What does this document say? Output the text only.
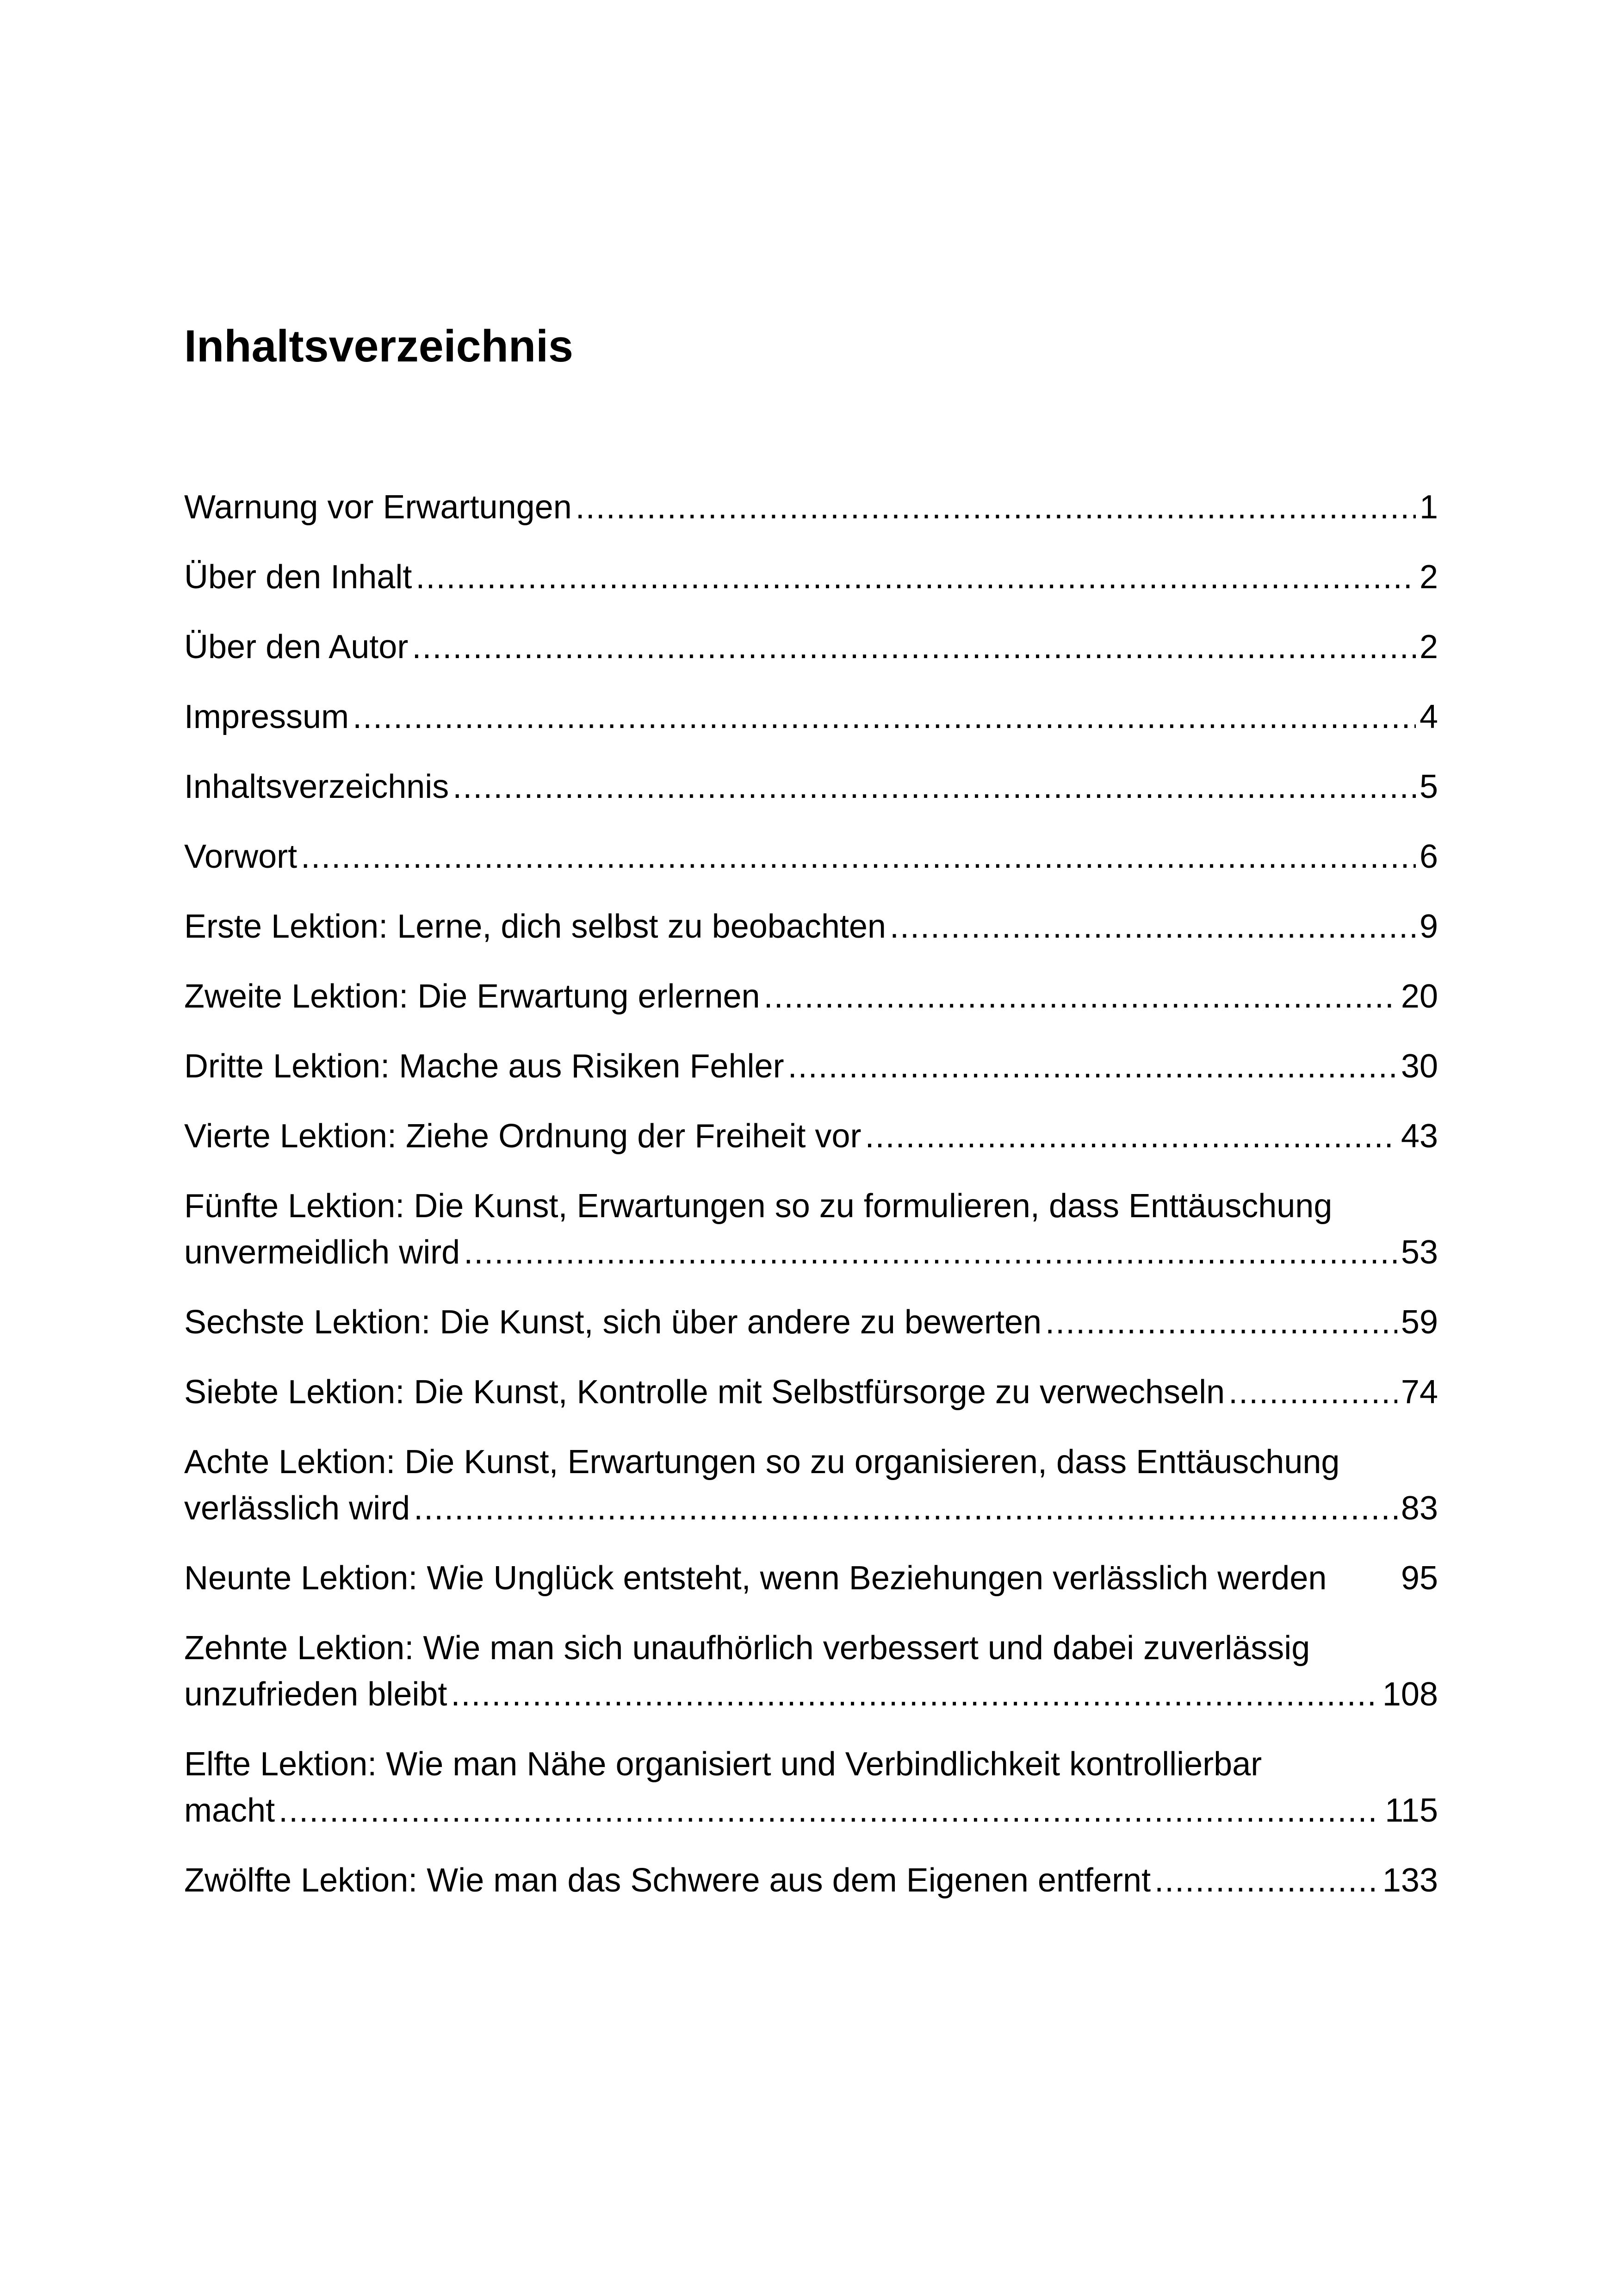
Inhaltsverzeichnis
Warnung vor Erwartungen .....	1
Über den Inhalt .....	2
Über den Autor .....	2
Impressum .....	4
Inhaltsverzeichnis .....	5
Vorwort .....	6
Erste Lektion: Lerne, dich selbst zu beobachten .....	9
Zweite Lektion: Die Erwartung erlernen .....	20
Dritte Lektion: Mache aus Risiken Fehler .....	30
Vierte Lektion: Ziehe Ordnung der Freiheit vor .....	43
Fünfte Lektion: Die Kunst, Erwartungen so zu formulieren, dass Enttäuschung
unvermeidlich wird .....	53
Sechste Lektion: Die Kunst, sich über andere zu bewerten .....	59
Siebte Lektion: Die Kunst, Kontrolle mit Selbstfürsorge zu verwechseln .....	74
Achte Lektion: Die Kunst, Erwartungen so zu organisieren, dass Enttäuschung
verlässlich wird .....	83
Neunte Lektion: Wie Unglück entsteht, wenn Beziehungen verlässlich werden 95
Zehnte Lektion: Wie man sich unaufhörlich verbessert und dabei zuverlässig
unzufrieden bleibt .....	108
Elfte Lektion: Wie man Nähe organisiert und Verbindlichkeit kontrollierbar
macht .....	115
Zwölfte Lektion: Wie man das Schwere aus dem Eigenen entfernt .....	133
